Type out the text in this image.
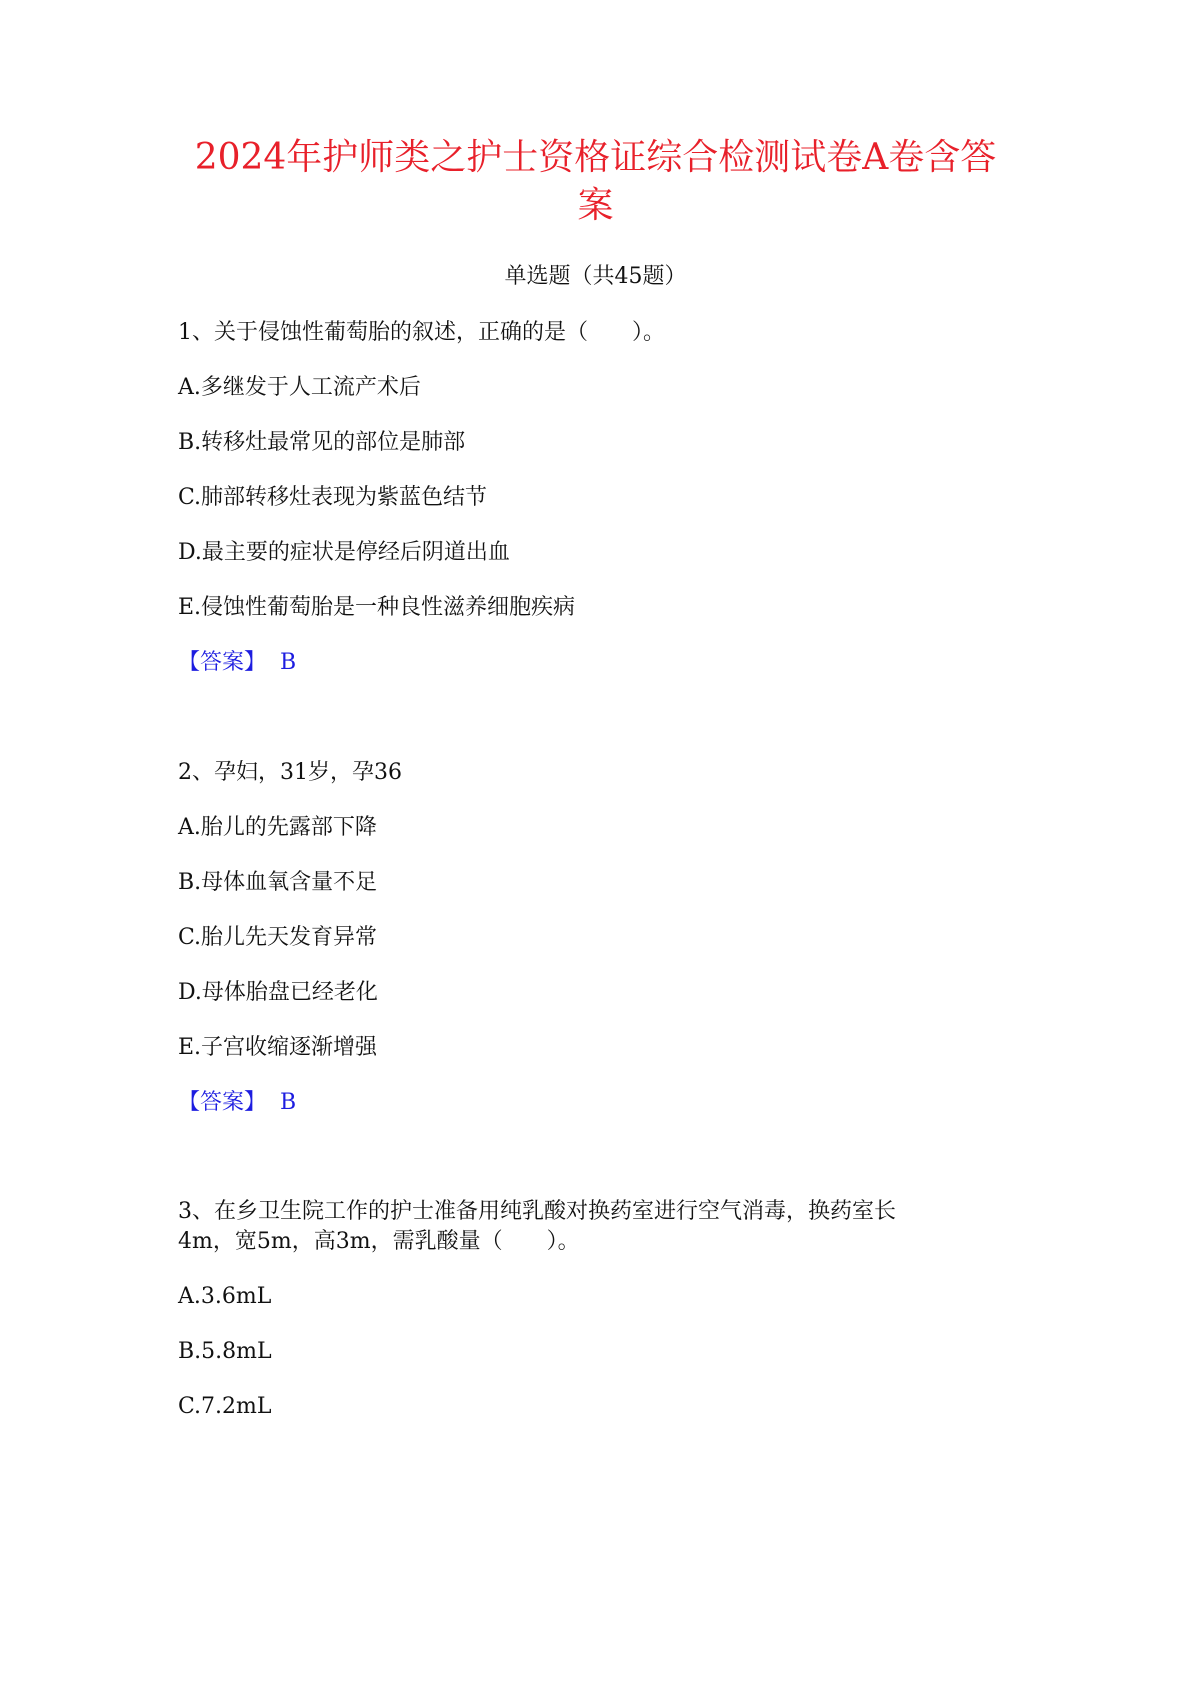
2024年护师类之护士资格证综合检测试卷A卷含答
案
单选题（共45题）
1、关于侵蚀性葡萄胎的叙述，正确的是（　　）。
A.多继发于人工流产术后
B.转移灶最常见的部位是肺部
C.肺部转移灶表现为紫蓝色结节
D.最主要的症状是停经后阴道出血
E.侵蚀性葡萄胎是一种良性滋养细胞疾病
【答案】 B
2、孕妇，31岁，孕36
A.胎儿的先露部下降
B.母体血氧含量不足
C.胎儿先天发育异常
D.母体胎盘已经老化
E.子宫收缩逐渐增强
【答案】 B
3、在乡卫生院工作的护士准备用纯乳酸对换药室进行空气消毒，换药室长
4m，宽5m，高3m，需乳酸量（　　）。
A.3.6mL
B.5.8mL
C.7.2mL
